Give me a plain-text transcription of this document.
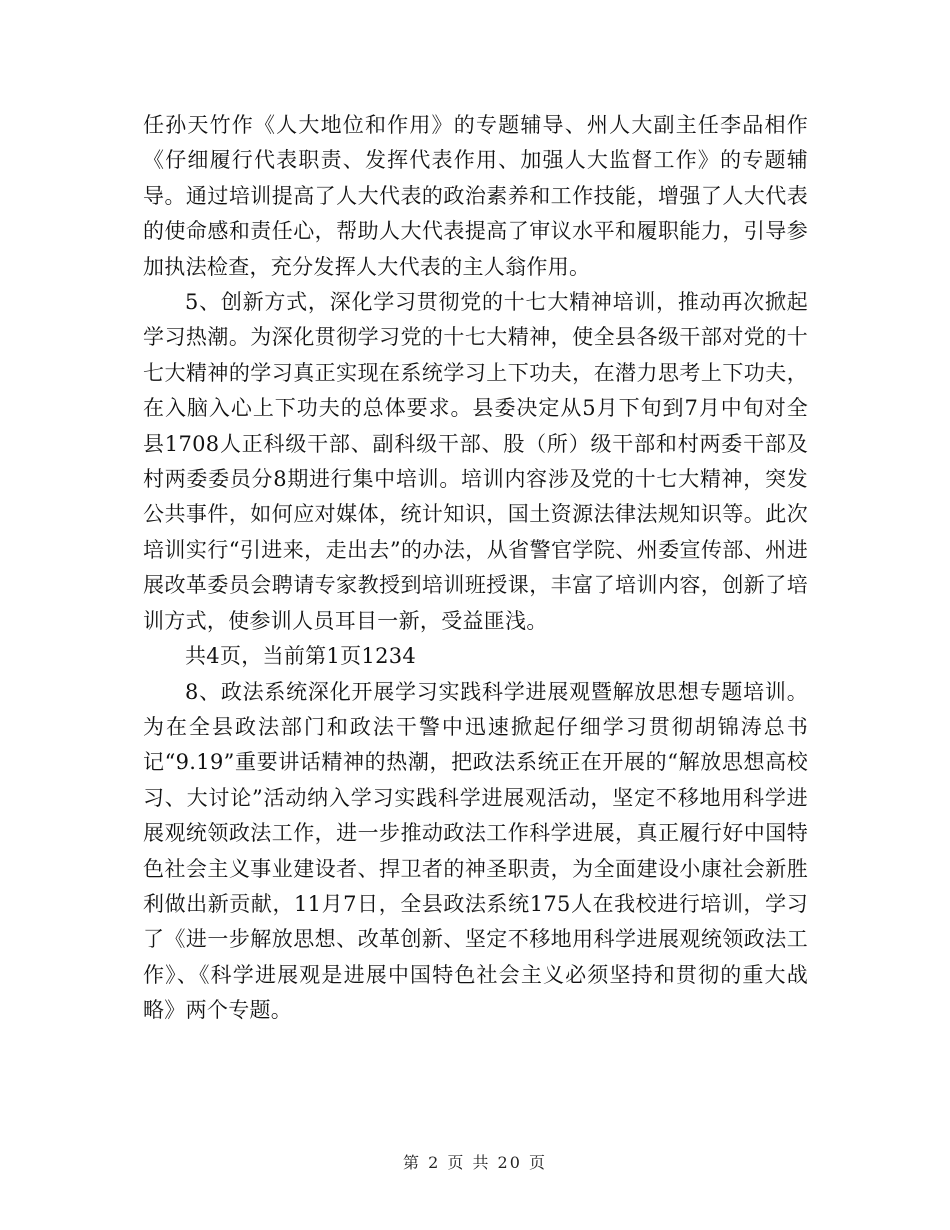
任孙天竹作《人大地位和作用》的专题辅导、州人大副主任李品相作《仔细履行代表职责、发挥代表作用、加强人大监督工作》的专题辅导。通过培训提高了人大代表的政治素养和工作技能，增强了人大代表的使命感和责任心，帮助人大代表提高了审议水平和履职能力，引导参加执法检查，充分发挥人大代表的主人翁作用。

5、创新方式，深化学习贯彻党的十七大精神培训，推动再次掀起学习热潮。为深化贯彻学习党的十七大精神，使全县各级干部对党的十七大精神的学习真正实现在系统学习上下功夫，在潜力思考上下功夫，在入脑入心上下功夫的总体要求。县委决定从5月下旬到7月中旬对全县1708人正科级干部、副科级干部、股（所）级干部和村两委干部及村两委委员分8期进行集中培训。培训内容涉及党的十七大精神，突发公共事件，如何应对媒体，统计知识，国土资源法律法规知识等。此次培训实行“引进来，走出去”的办法，从省警官学院、州委宣传部、州进展改革委员会聘请专家教授到培训班授课，丰富了培训内容，创新了培训方式，使参训人员耳目一新，受益匪浅。

共4页，当前第1页1234

8、政法系统深化开展学习实践科学进展观暨解放思想专题培训。为在全县政法部门和政法干警中迅速掀起仔细学习贯彻胡锦涛总书记“9.19”重要讲话精神的热潮，把政法系统正在开展的“解放思想高校习、大讨论”活动纳入学习实践科学进展观活动，坚定不移地用科学进展观统领政法工作，进一步推动政法工作科学进展，真正履行好中国特色社会主义事业建设者、捍卫者的神圣职责，为全面建设小康社会新胜利做出新贡献，11月7日，全县政法系统175人在我校进行培训，学习了《进一步解放思想、改革创新、坚定不移地用科学进展观统领政法工作》、《科学进展观是进展中国特色社会主义必须坚持和贯彻的重大战略》两个专题。

第 2 页 共 20 页
